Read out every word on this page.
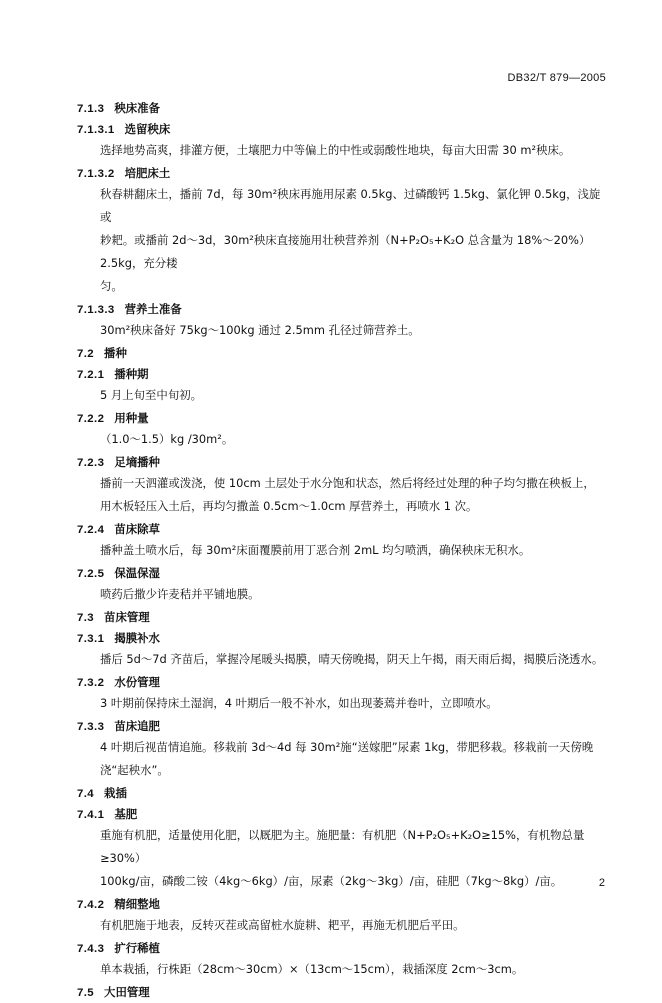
DB32/T 879—2005
7.1.3 秧床准备
7.1.3.1 选留秧床
选择地势高爽，排灌方便，土壤肥力中等偏上的中性或弱酸性地块，每亩大田需 30 m²秧床。
7.1.3.2 培肥床土
秋春耕翻床土，播前 7d，每 30m²秧床再施用尿素 0.5kg、过磷酸钙 1.5kg、氯化钾 0.5kg，浅旋或
耖耙。或播前 2d～3d，30m²秧床直接施用壮秧营养剂（N+P₂O₅+K₂O 总含量为 18%～20%）2.5kg，充分耧
匀。
7.1.3.3 营养土准备
30m²秧床备好 75kg～100kg 通过 2.5mm 孔径过筛营养土。
7.2 播种
7.2.1 播种期
5 月上旬至中旬初。
7.2.2 用种量
（1.0～1.5）kg /30m²。
7.2.3 足墒播种
播前一天泗灌或泼浇，使 10cm 土层处于水分饱和状态，然后将经过处理的种子均匀撒在秧板上，
用木板轻压入土后，再均匀撒盖 0.5cm～1.0cm 厚营养土，再喷水 1 次。
7.2.4 苗床除草
播种盖土喷水后，每 30m²床面覆膜前用丁恶合剂 2mL 均匀喷洒，确保秧床无积水。
7.2.5 保温保湿
喷药后撒少许麦秸并平铺地膜。
7.3 苗床管理
7.3.1 揭膜补水
播后 5d～7d 齐苗后，掌握冷尾暖头揭膜，晴天傍晚揭，阴天上午揭，雨天雨后揭，揭膜后浇透水。
7.3.2 水份管理
3 叶期前保持床土湿润，4 叶期后一般不补水，如出现萎蔫并卷叶，立即喷水。
7.3.3 苗床追肥
4 叶期后视苗情追施。移栽前 3d～4d 每 30m²施“送嫁肥”尿素 1kg，带肥移栽。移栽前一天傍晚
浇“起秧水”。
7.4 栽插
7.4.1 基肥
重施有机肥，适量使用化肥，以厩肥为主。施肥量：有机肥（N+P₂O₅+K₂O≥15%，有机物总量≥30%）
100kg/亩，磷酸二铵（4kg～6kg）/亩，尿素（2kg～3kg）/亩，硅肥（7kg～8kg）/亩。
7.4.2 精细整地
有机肥施于地表，反转灭茬或高留桩水旋耕、耙平，再施无机肥后平田。
7.4.3 扩行稀植
单本栽插，行株距（28cm～30cm）×（13cm～15cm），栽插深度 2cm～3cm。
7.5 大田管理
2
